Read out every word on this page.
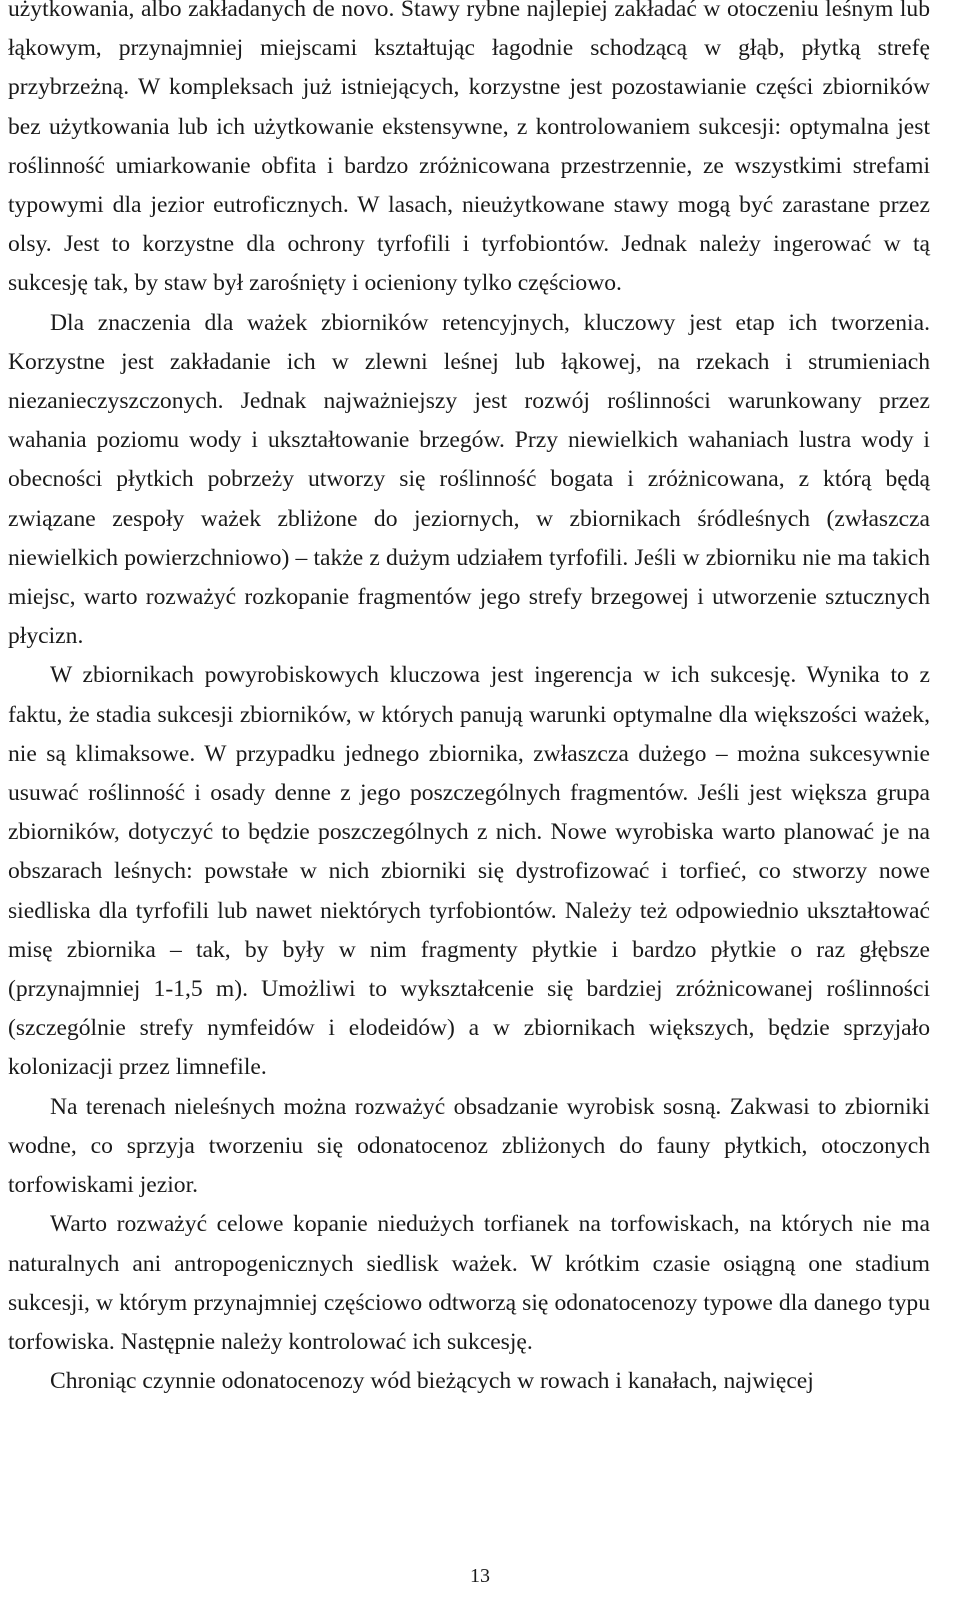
użytkowania, albo zakładanych de novo. Stawy rybne najlepiej zakładać w otoczeniu leśnym lub łąkowym, przynajmniej miejscami kształtując łagodnie schodzącą w głąb, płytką strefę przybrzeżną. W kompleksach już istniejących, korzystne jest pozostawianie części zbiorników bez użytkowania lub ich użytkowanie ekstensywne, z kontrolowaniem sukcesji: optymalna jest roślinność umiarkowanie obfita i bardzo zróżnicowana przestrzennie, ze wszystkimi strefami typowymi dla jezior eutroficznych. W lasach, nieużytkowane stawy mogą być zarastane przez olsy. Jest to korzystne dla ochrony tyrfofili i tyrfobiontów. Jednak należy ingerować w tą sukcesję tak, by staw był zarośnięty i ocieniony tylko częściowo.

Dla znaczenia dla ważek zbiorników retencyjnych, kluczowy jest etap ich tworzenia. Korzystne jest zakładanie ich w zlewni leśnej lub łąkowej, na rzekach i strumieniach niezanieczyszczonych. Jednak najważniejszy jest rozwój roślinności warunkowany przez wahania poziomu wody i ukształtowanie brzegów. Przy niewielkich wahaniach lustra wody i obecności płytkich pobrzeży utworzy się roślinność bogata i zróżnicowana, z którą będą związane zespoły ważek zbliżone do jeziornych, w zbiornikach śródleśnych (zwłaszcza niewielkich powierzchniowo) – także z dużym udziałem tyrfofili. Jeśli w zbiorniku nie ma takich miejsc, warto rozważyć rozkopanie fragmentów jego strefy brzegowej i utworzenie sztucznych płycizn.

W zbiornikach powyrobiskowych kluczowa jest ingerencja w ich sukcesję. Wynika to z faktu, że stadia sukcesji zbiorników, w których panują warunki optymalne dla większości ważek, nie są klimaksowe. W przypadku jednego zbiornika, zwłaszcza dużego – można sukcesywnie usuwać roślinność i osady denne z jego poszczególnych fragmentów. Jeśli jest większa grupa zbiorników, dotyczyć to będzie poszczególnych z nich. Nowe wyrobiska warto planować je na obszarach leśnych: powstałe w nich zbiorniki się dystrofizować i torfieć, co stworzy nowe siedliska dla tyrfofili lub nawet niektórych tyrfobiontów. Należy też odpowiednio ukształtować misę zbiornika – tak, by były w nim fragmenty płytkie i bardzo płytkie o raz głębsze (przynajmniej 1-1,5 m). Umożliwi to wykształcenie się bardziej zróżnicowanej roślinności (szczególnie strefy nymfeidów i elodeidów) a w zbiornikach większych, będzie sprzyjało kolonizacji przez limnefile.

Na terenach nieleśnych można rozważyć obsadzanie wyrobisk sosną. Zakwasi to zbiorniki wodne, co sprzyja tworzeniu się odonatocenoz zbliżonych do fauny płytkich, otoczonych torfowiskami jezior.

Warto rozważyć celowe kopanie niedużych torfianek na torfowiskach, na których nie ma naturalnych ani antropogenicznych siedlisk ważek. W krótkim czasie osiągną one stadium sukcesji, w którym przynajmniej częściowo odtworzą się odonatocenozy typowe dla danego typu torfowiska. Następnie należy kontrolować ich sukcesję.

Chroniąc czynnie odonatocenozy wód bieżących w rowach i kanałach, najwięcej

13
